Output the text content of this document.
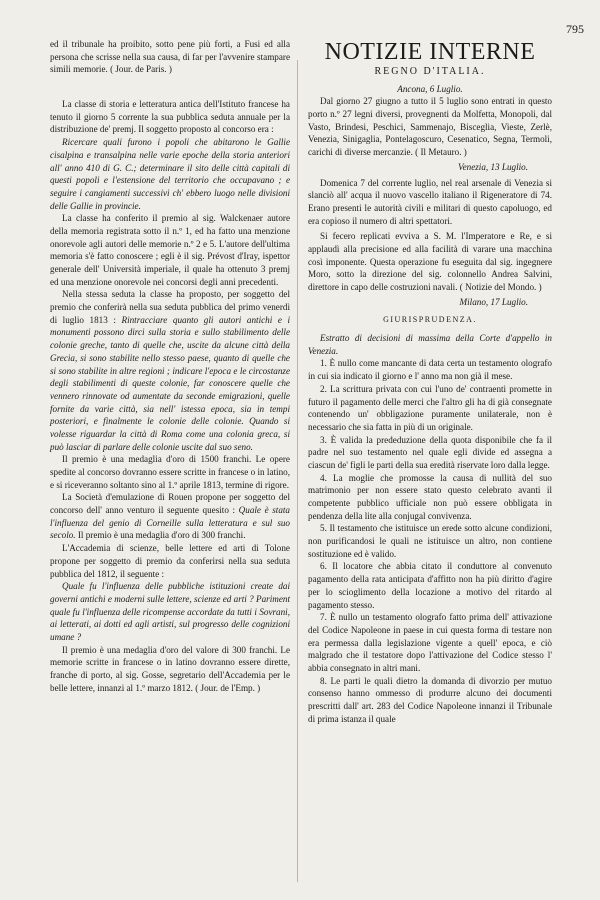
795

ed il tribunale ha proibito, sotto pene più forti, a Fusi ed alla persona che scrisse nella sua causa, di far per l'avvenire stampare simili memorie. ( Jour. de Paris. )

La classe di storia e letteratura antica dell'Istituto francese ha tenuto il giorno 5 corrente la sua pubblica seduta annuale per la distribuzione de' premj. Il soggetto proposto al concorso era :

Ricercare quali furono i popoli che abitarono le Gallie cisalpina e transalpina nelle varie epoche della storia anteriori all' anno 410 di G. C.; determinare il sito delle città capitali di questi popoli e l'estensione del territorio che occupavano ; e seguire i cangiamenti successivi ch' ebbero luogo nelle divisioni delle Gallie in provincie.

La classe ha conferito il premio al sig. Walckenaer autore della memoria registrata sotto il n.º 1, ed ha fatto una menzione onorevole agli autori delle memorie n.º 2 e 5. L'autore dell'ultima memoria s'è fatto conoscere ; egli è il sig. Prévost d'Iray, ispettor generale dell' Università imperiale, il quale ha ottenuto 3 premj ed una menzione onorevole nei concorsi degli anni precedenti.

Nella stessa seduta la classe ha proposto, per soggetto del premio che conferirà nella sua seduta pubblica del primo venerdì di luglio 1813 : Rintracciare quanto gli autori antichi e i monumenti possono dirci sulla storia e sullo stabilimento delle colonie greche, tanto di quelle che, uscite da alcune città della Grecia, si sono stabilite nello stesso paese, quanto di quelle che si sono stabilite in altre regioni ; indicare l'epoca e le circostanze degli stabilimenti di queste colonie, far conoscere quelle che vennero rinnovate od aumentate da seconde emigrazioni, quelle fornite da varie città, sia nell' istessa epoca, sia in tempi posteriori, e finalmente le colonie delle colonie. Quando si volesse riguardar la città di Roma come una colonia greca, si può lasciar di parlare delle colonie uscite dal suo seno.

Il premio è una medaglia d'oro di 1500 franchi. Le opere spedite al concorso dovranno essere scritte in francese o in latino, e si riceveranno soltanto sino al 1.º aprile 1813, termine di rigore.

La Società d'emulazione di Rouen propone per soggetto del concorso dell' anno venturo il seguente quesito : Quale è stata l'influenza del genio di Corneille sulla letteratura e sul suo secolo. Il premio è una medaglia d'oro di 300 franchi.

L'Accademia di scienze, belle lettere ed arti di Tolone propone per soggetto di premio da conferirsi nella sua seduta pubblica del 1812, il seguente :

Quale fu l'influenza delle pubbliche istituzioni create dai governi antichi e moderni sulle lettere, scienze ed arti ? Pariment quale fu l'influenza delle ricompense accordate da tutti i Sovrani, ai letterati, ai dotti ed agli artisti, sul progresso delle cognizioni umane ?

Il premio è una medaglia d'oro del valore di 300 franchi. Le memorie scritte in francese o in latino dovranno essere dirette, franche di porto, al sig. Gosse, segretario dell'Accademia per le belle lettere, innanzi al 1.º marzo 1812. ( Jour. de l'Emp. )

NOTIZIE INTERNE
REGNO D'ITALIA.
Ancona, 6 Luglio.

Dal giorno 27 giugno a tutto il 5 luglio sono entrati in questo porto n.º 27 legni diversi, provegnenti da Molfetta, Monopoli, dal Vasto, Brindesi, Peschici, Sammenajo, Bisceglia, Vieste, Zerlè, Venezia, Sinigaglia, Pontelagoscuro, Cesenatico, Segna, Termoli, carichi di diverse mercanzie. ( Il Metauro. )

Venezia, 13 Luglio.

Domenica 7 del corrente luglio, nel real arsenale di Venezia si slanciò all' acqua il nuovo vascello italiano il Rigeneratore di 74. Erano presenti le autorità civili e militari di questo capoluogo, ed era copioso il numero di altri spettatori.

Si fecero replicati evviva a S. M. l'Imperatore e Re, e si applaudì alla precisione ed alla facilità di varare una macchina così imponente. Questa operazione fu eseguita dal sig. ingegnere Moro, sotto la direzione del sig. colonnello Andrea Salvini, direttore in capo delle costruzioni navali. ( Notizie del Mondo. )

Milano, 17 Luglio.
GIURISPRUDENZA.

Estratto di decisioni di massima della Corte d'appello in Venezia.

1. È nullo come mancante di data certa un testamento olografo in cui sia indicato il giorno e l' anno ma non già il mese.

2. La scrittura privata con cui l'uno de' contraenti promette in futuro il pagamento delle merci che l'altro gli ha di già consegnate contenendo un' obbligazione puramente unilaterale, non è necessario che sia fatta in più di un originale.

3. È valida la prededuzione della quota disponibile che fa il padre nel suo testamento nel quale egli divide ed assegna a ciascun de' figli le parti della sua eredità riservate loro dalla legge.

4. La moglie che promosse la causa di nullità del suo matrimonio per non essere stato questo celebrato avanti il competente pubblico ufficiale non può essere obbligata in pendenza della lite alla conjugal convivenza.

5. Il testamento che istituisce un erede sotto alcune condizioni, non purificandosi le quali ne istituisce un altro, non contiene sostituzione ed è valido.

6. Il locatore che abbia citato il conduttore al convenuto pagamento della rata anticipata d'affitto non ha più diritto d'agire per lo scioglimento della locazione a motivo del ritardo al pagamento stesso.

7. È nullo un testamento olografo fatto prima dell' attivazione del Codice Napoleone in paese in cui questa forma di testare non era permessa dalla legislazione vigente a quell' epoca, e ciò malgrado che il testatore dopo l'attivazione del Codice stesso l' abbia consegnato in altri mani.

8. Le parti le quali dietro la domanda di divorzio per mutuo consenso hanno ommesso di produrre alcuno dei documenti prescritti dall' art. 283 del Codice Napoleone innanzi il Tribunale di prima istanza il quale
